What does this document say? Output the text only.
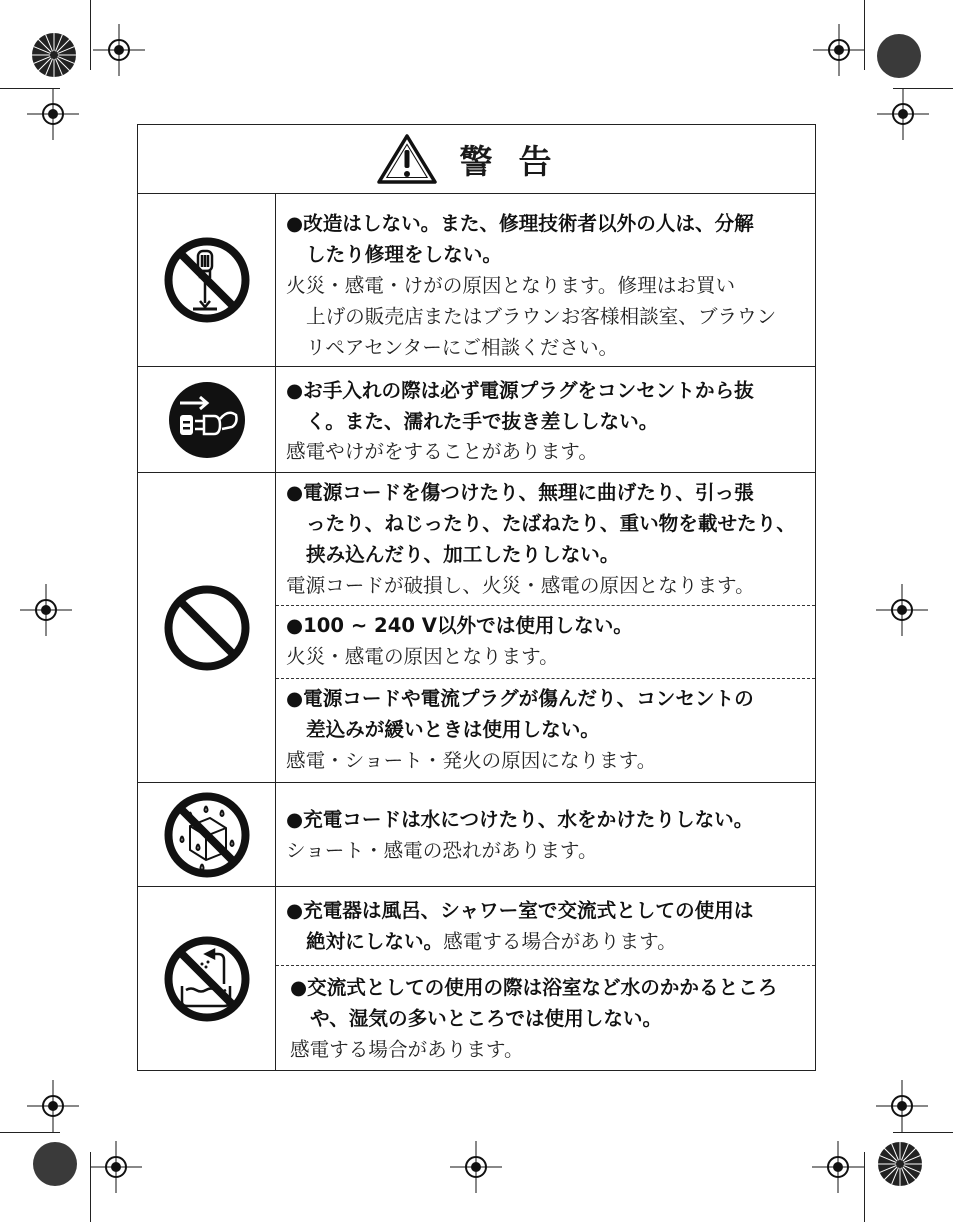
警告

●改造はしない。また、修理技術者以外の人は、分解
したり修理をしない。

火災・感電・けがの原因となります。修理はお買い
上げの販売店またはブラウンお客様相談室、ブラウン
リペアセンターにご相談ください。

●お手入れの際は必ず電源プラグをコンセントから抜
く。また、濡れた手で抜き差ししない。

感電やけがをすることがあります。

●電源コードを傷つけたり、無理に曲げたり、引っ張
ったり、ねじったり、たばねたり、重い物を載せたり、
挟み込んだり、加工したりしない。

電源コードが破損し、火災・感電の原因となります。

●100 ~ 240 V以外では使用しない。

火災・感電の原因となります。

●電源コードや電流プラグが傷んだり、コンセントの
差込みが緩いときは使用しない。

感電・ショート・発火の原因になります。

●充電コードは水につけたり、水をかけたりしない。

ショート・感電の恐れがあります。

●充電器は風呂、シャワー室で交流式としての使用は
絶対にしない。感電する場合があります。

●交流式としての使用の際は浴室など水のかかるところ
や、湿気の多いところでは使用しない。

感電する場合があります。
